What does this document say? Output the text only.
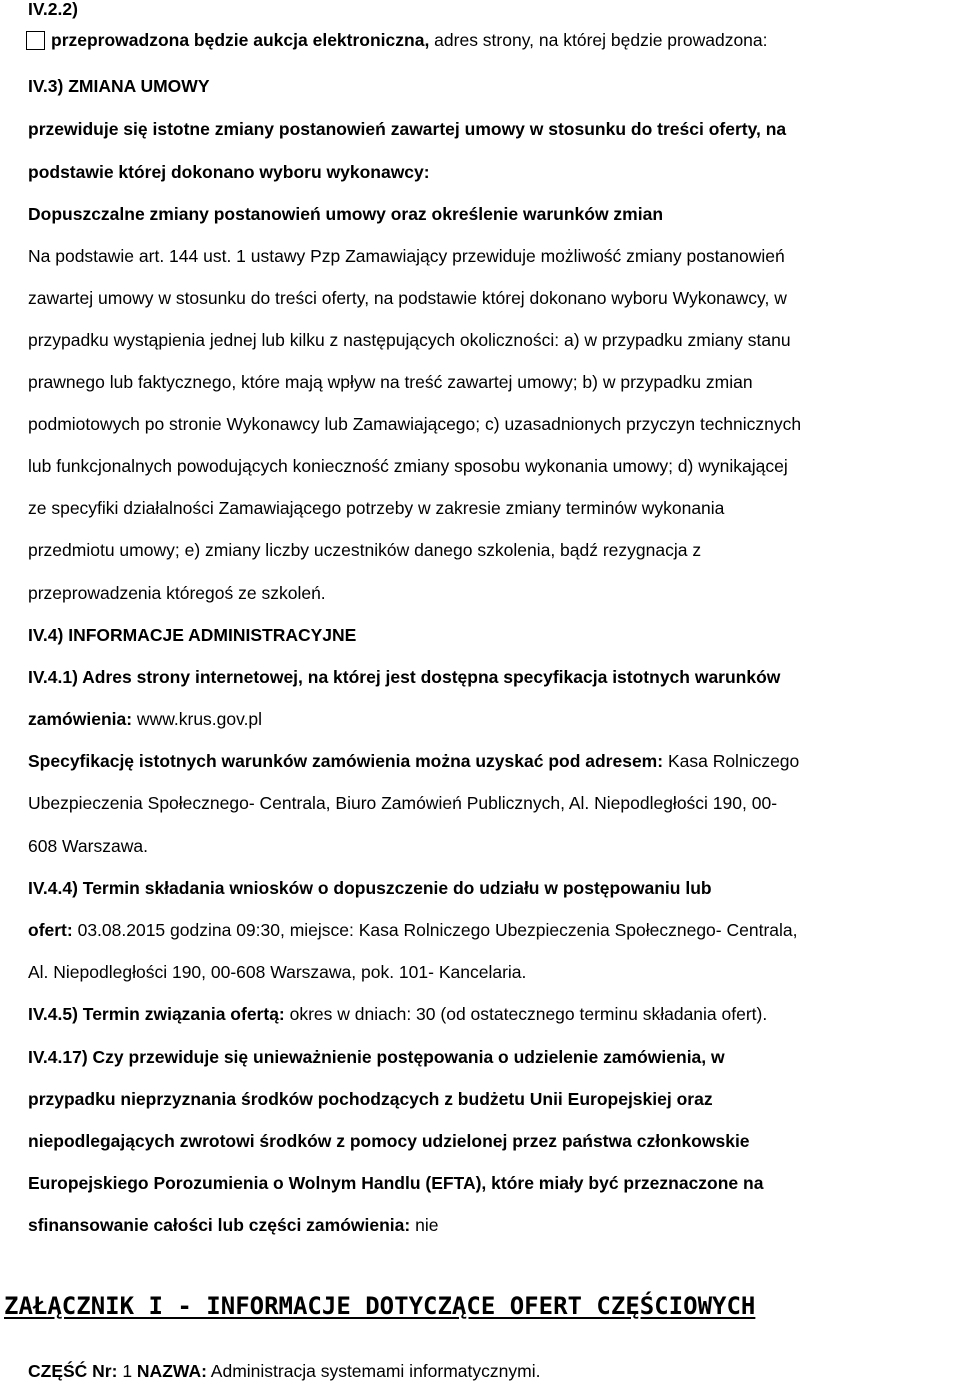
IV.2.2)

przeprowadzona będzie aukcja elektroniczna, adres strony, na której będzie prowadzona:

IV.3) ZMIANA UMOWY

przewiduje się istotne zmiany postanowień zawartej umowy w stosunku do treści oferty, na

podstawie której dokonano wyboru wykonawcy:

Dopuszczalne zmiany postanowień umowy oraz określenie warunków zmian

Na podstawie art. 144 ust. 1 ustawy Pzp Zamawiający przewiduje możliwość zmiany postanowień

zawartej umowy w stosunku do treści oferty, na podstawie której dokonano wyboru Wykonawcy, w

przypadku wystąpienia jednej lub kilku z następujących okoliczności: a) w przypadku zmiany stanu

prawnego lub faktycznego, które mają wpływ na treść zawartej umowy; b) w przypadku zmian

podmiotowych po stronie Wykonawcy lub Zamawiającego; c) uzasadnionych przyczyn technicznych

lub funkcjonalnych powodujących konieczność zmiany sposobu wykonania umowy; d) wynikającej

ze specyfiki działalności Zamawiającego potrzeby w zakresie zmiany terminów wykonania

przedmiotu umowy; e) zmiany liczby uczestników danego szkolenia, bądź rezygnacja z

przeprowadzenia któregoś ze szkoleń.

IV.4) INFORMACJE ADMINISTRACYJNE

IV.4.1) Adres strony internetowej, na której jest dostępna specyfikacja istotnych warunków

zamówienia: www.krus.gov.pl

Specyfikację istotnych warunków zamówienia można uzyskać pod adresem: Kasa Rolniczego

Ubezpieczenia Społecznego- Centrala, Biuro Zamówień Publicznych, Al. Niepodległości 190, 00-

608 Warszawa.

IV.4.4) Termin składania wniosków o dopuszczenie do udziału w postępowaniu lub

ofert: 03.08.2015 godzina 09:30, miejsce: Kasa Rolniczego Ubezpieczenia Społecznego- Centrala,

Al. Niepodległości 190, 00-608 Warszawa, pok. 101- Kancelaria.

IV.4.5) Termin związania ofertą: okres w dniach: 30 (od ostatecznego terminu składania ofert).

IV.4.17) Czy przewiduje się unieważnienie postępowania o udzielenie zamówienia, w

przypadku nieprzyznania środków pochodzących z budżetu Unii Europejskiej oraz

niepodlegających zwrotowi środków z pomocy udzielonej przez państwa członkowskie

Europejskiego Porozumienia o Wolnym Handlu (EFTA), które miały być przeznaczone na

sfinansowanie całości lub części zamówienia: nie

ZAŁĄCZNIK I - INFORMACJE DOTYCZĄCE OFERT CZĘŚCIOWYCH

CZĘŚĆ Nr: 1 NAZWA: Administracja systemami informatycznymi.
